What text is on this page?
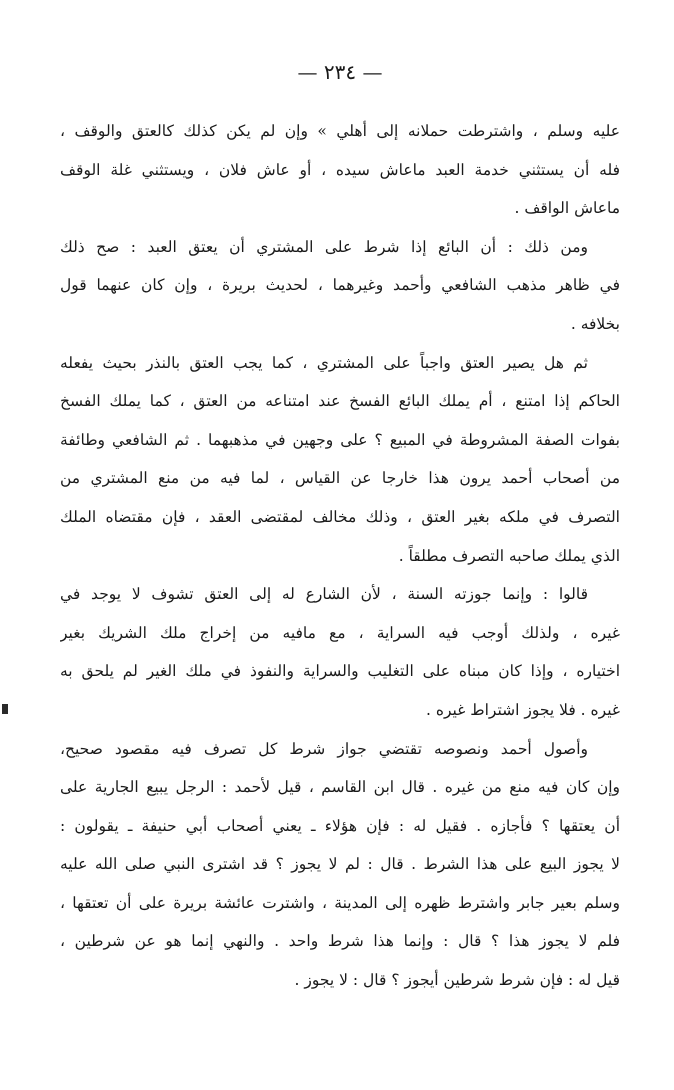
— ٢٣٤ —
عليه وسلم ، واشترطت حملانه إلى أهلي » وإن لم يكن كذلك كالعتق والوقف ،
فله أن يستثني خدمة العبد ماعاش سيده ، أو عاش فلان ، ويستثني غلة الوقف
ماعاش الواقف .
ومن ذلك : أن البائع إذا شرط على المشتري أن يعتق العبد : صح ذلك
في ظاهر مذهب الشافعي وأحمد وغيرهما ، لحديث بريرة ، وإن كان عنهما قول
بخلافه .
ثم هل يصير العتق واجباً على المشتري ، كما يجب العتق بالنذر بحيث يفعله
الحاكم إذا امتنع ، أم يملك البائع الفسخ عند امتناعه من العتق ، كما يملك الفسخ
بفوات الصفة المشروطة في المبيع ؟ على وجهين في مذهبهما . ثم الشافعي وطائفة
من أصحاب أحمد يرون هذا خارجا عن القياس ، لما فيه من منع المشتري من
التصرف في ملكه بغير العتق ، وذلك مخالف لمقتضى العقد ، فإن مقتضاه الملك
الذي يملك صاحبه التصرف مطلقاً .
قالوا : وإنما جوزته السنة ، لأن الشارع له إلى العتق تشوف لا يوجد في
غيره ، ولذلك أوجب فيه السراية ، مع مافيه من إخراج ملك الشريك بغير
اختياره ، وإذا كان مبناه على التغليب والسراية والنفوذ في ملك الغير لم يلحق به
غيره . فلا يجوز اشتراط غيره .
وأصول أحمد ونصوصه تقتضي جواز شرط كل تصرف فيه مقصود صحيح،
وإن كان فيه منع من غيره . قال ابن القاسم ، قيل لأحمد : الرجل يبيع الجارية على
أن يعتقها ؟ فأجازه . فقيل له : فإن هؤلاء ـ يعني أصحاب أبي حنيفة ـ يقولون :
لا يجوز البيع على هذا الشرط . قال : لم لا يجوز ؟ قد اشترى النبي صلى الله عليه
وسلم بعير جابر واشترط ظهره إلى المدينة ، واشترت عائشة بريرة على أن تعتقها ،
فلم لا يجوز هذا ؟ قال : وإنما هذا شرط واحد . والنهي إنما هو عن شرطين ،
قيل له : فإن شرط شرطين أيجوز ؟ قال : لا يجوز .
